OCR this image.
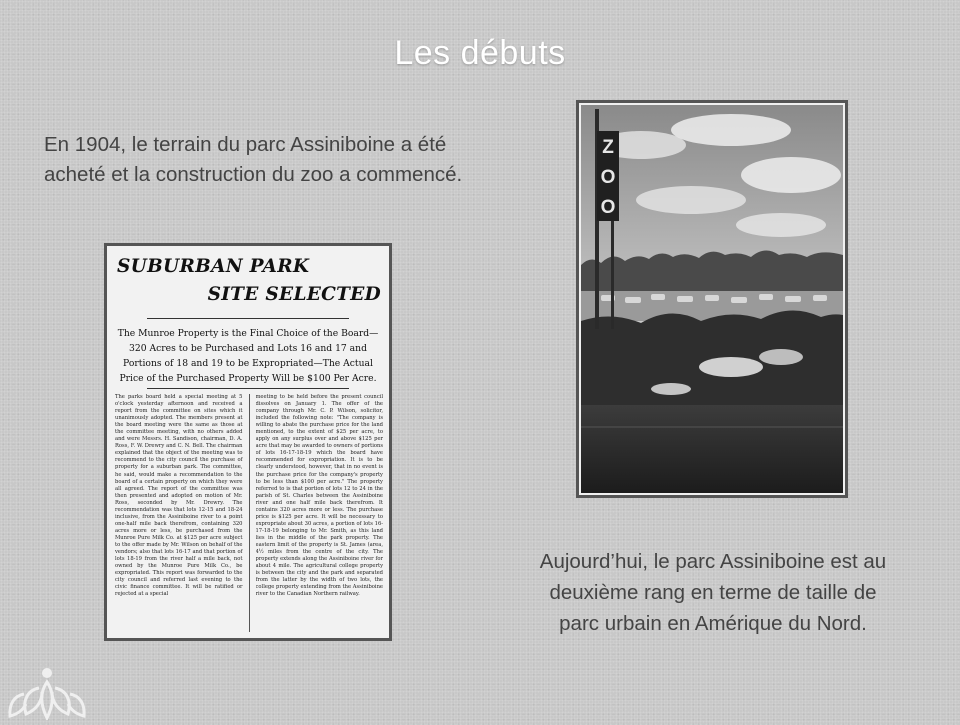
Les débuts
En 1904, le terrain du parc Assiniboine a été acheté et la construction du zoo a commencé.
SUBURBAN PARK
SITE SELECTED
The Munroe Property is the Final Choice of the Board—320 Acres to be Purchased and Lots 16 and 17 and Portions of 18 and 19 to be Expropriated—The Actual Price of the Purchased Property Will be $100 Per Acre.
The parks board held a special meeting at 5 o'clock yesterday afternoon and received a report from the committee on sites which it unanimously adopted. The members present at the board meeting were the same as those at the committee meeting, with no others added and were Messrs. H. Sandison, chairman, D. A. Ross, F. W. Drewry and C. N. Bell. The chairman explained that the object of the meeting was to recommend to the city council the purchase of property for a suburban park. The committee, he said, would make a recommendation to the board of a certain property on which they were all agreed. The report of the committee was then presented and adopted on motion of Mr. Ross, seconded by Mr. Drewry. The recommendation was that lots 12-15 and 18-24 inclusive, from the Assiniboine river to a point one-half mile back therefrom, containing 320 acres more or less, be purchased from the Munroe Pure Milk Co. at $125 per acre subject to the offer made by Mr. Wilson on behalf of the vendors; also that lots 16-17 and that portion of lots 18-19 from the river half a mile back, not owned by the Munroe Pure Milk Co., be expropriated. This report was forwarded to the city council and referred last evening to the civic finance committee. It will be ratified or rejected at a special
meeting to be held before the present council dissolves on January 1. The offer of the company through Mr. C. P. Wilson, solicitor, included the following note: "The company is willing to abate the purchase price for the land mentioned, to the extent of $25 per acre, to apply on any surplus over and above $125 per acre that may be awarded to owners of portions of lots 16-17-18-19 which the board have recommended for expropriation. It is to be clearly understood, however, that in no event is the purchase price for the company's property to be less than $100 per acre." The property referred to is that portion of lots 12 to 24 in the parish of St. Charles between the Assiniboine river and one half mile back therefrom. It contains 320 acres more or less. The purchase price is $125 per acre. It will be necessary to expropriate about 30 acres, a portion of lots 16-17-18-19 belonging to Mr. Smith, as this land lies in the middle of the park property. The eastern limit of the property is St. James (area, 4½ miles from the centre of the city. The property extends along the Assiniboine river for about 4 mile. The agricultural college property is between the city and the park and separated from the latter by the width of two lots, the college property extending from the Assiniboine river to the Canadian Northern railway.
Z
O
O
Aujourd’hui, le parc Assiniboine est au deuxième rang en terme de taille de parc urbain en Amérique du Nord.
